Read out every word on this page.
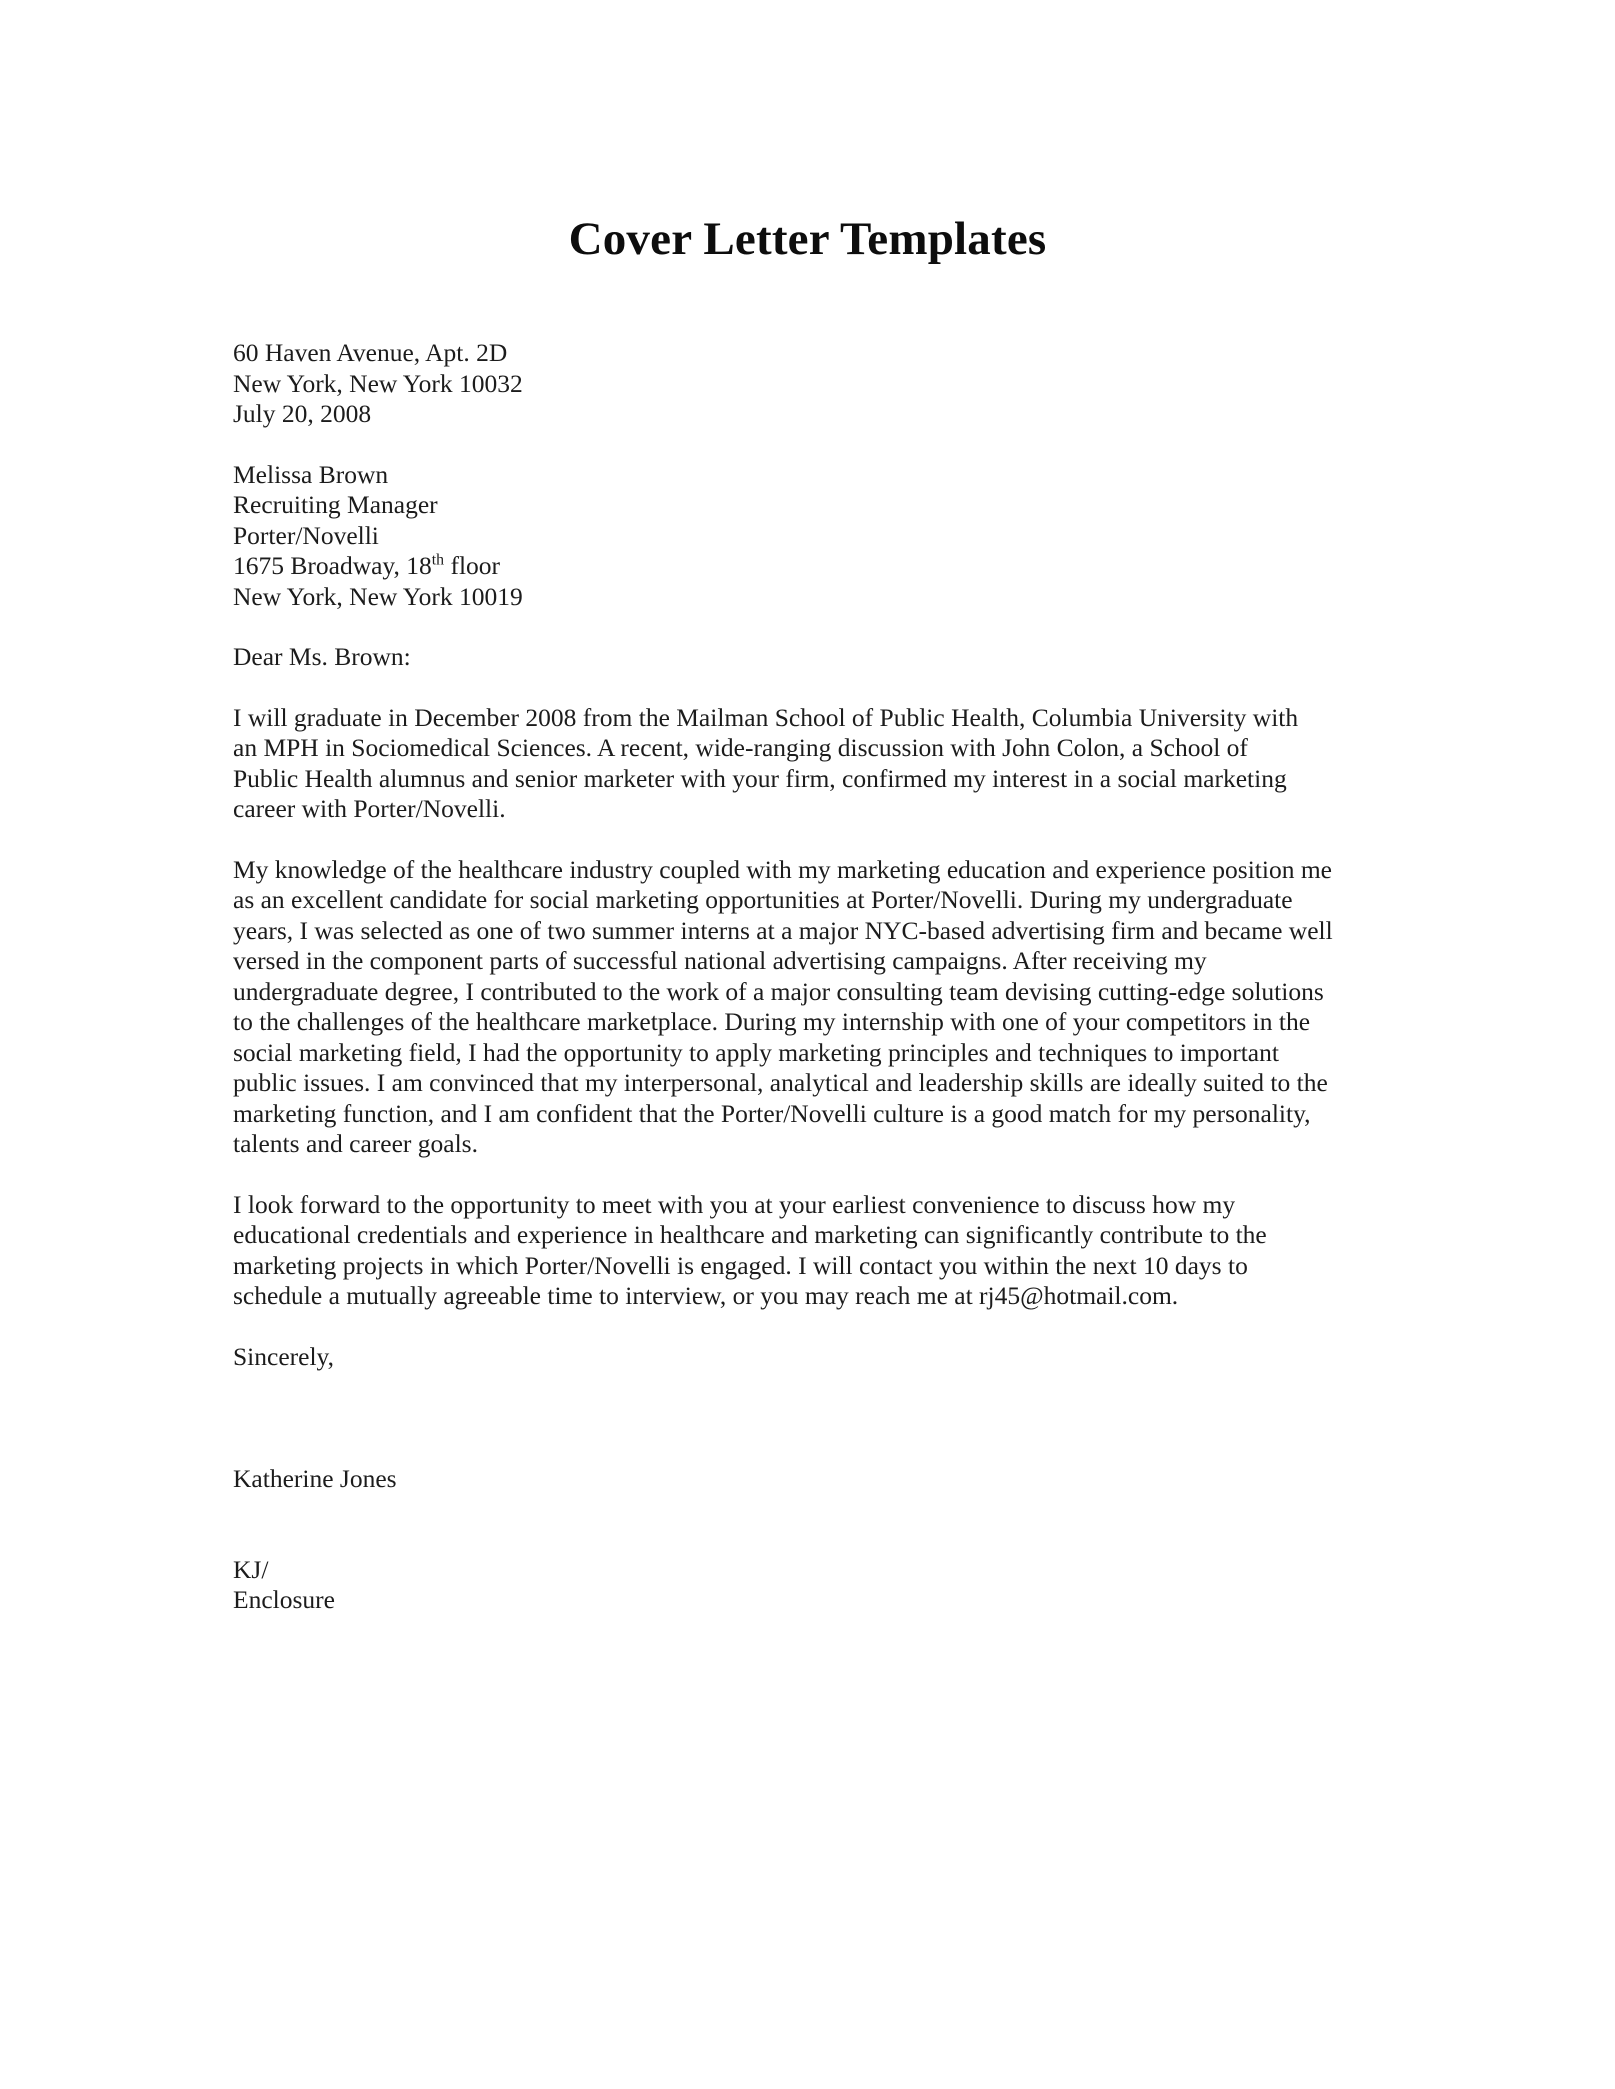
Cover Letter Templates
60 Haven Avenue, Apt. 2D
New York, New York 10032
July 20, 2008
Melissa Brown
Recruiting Manager
Porter/Novelli
1675 Broadway, 18th floor
New York, New York 10019
Dear Ms. Brown:

I will graduate in December 2008 from the Mailman School of Public Health, Columbia University with
an MPH in Sociomedical Sciences. A recent, wide-ranging discussion with John Colon, a School of
Public Health alumnus and senior marketer with your firm, confirmed my interest in a social marketing
career with Porter/Novelli.

My knowledge of the healthcare industry coupled with my marketing education and experience position me
as an excellent candidate for social marketing opportunities at Porter/Novelli. During my undergraduate
years, I was selected as one of two summer interns at a major NYC-based advertising firm and became well
versed in the component parts of successful national advertising campaigns. After receiving my
undergraduate degree, I contributed to the work of a major consulting team devising cutting-edge solutions
to the challenges of the healthcare marketplace. During my internship with one of your competitors in the
social marketing field, I had the opportunity to apply marketing principles and techniques to important
public issues. I am convinced that my interpersonal, analytical and leadership skills are ideally suited to the
marketing function, and I am confident that the Porter/Novelli culture is a good match for my personality,
talents and career goals.

I look forward to the opportunity to meet with you at your earliest convenience to discuss how my
educational credentials and experience in healthcare and marketing can significantly contribute to the
marketing projects in which Porter/Novelli is engaged. I will contact you within the next 10 days to
schedule a mutually agreeable time to interview, or you may reach me at rj45@hotmail.com.

Sincerely,
Katherine Jones
KJ/
Enclosure
